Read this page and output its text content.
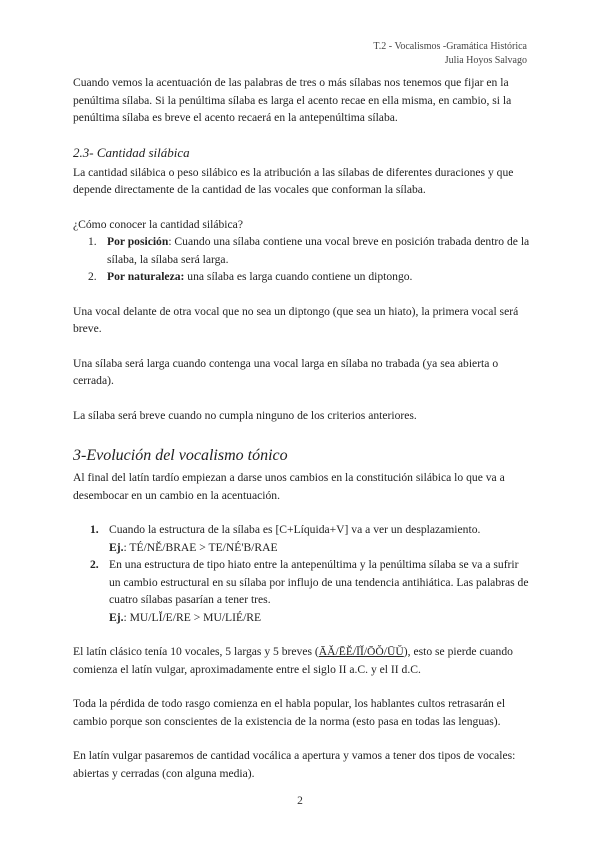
T.2 - Vocalismos -Gramática Histórica
Julia Hoyos Salvago

Cuando vemos la acentuación de las palabras de tres o más sílabas nos tenemos que fijar en la penúltima sílaba. Si la penúltima sílaba es larga el acento recae en ella misma, en cambio, si la penúltima sílaba es breve el acento recaerá en la antepenúltima sílaba.

2.3- Cantidad silábica

La cantidad silábica o peso silábico es la atribución a las sílabas de diferentes duraciones y que depende directamente de la cantidad de las vocales que conforman la sílaba.

¿Cómo conocer la cantidad silábica?

1. Por posición: Cuando una sílaba contiene una vocal breve en posición trabada dentro de la sílaba, la sílaba será larga.
2. Por naturaleza: una sílaba es larga cuando contiene un diptongo.

Una vocal delante de otra vocal que no sea un diptongo (que sea un hiato), la primera vocal será breve.

Una sílaba será larga cuando contenga una vocal larga en sílaba no trabada (ya sea abierta o cerrada).

La sílaba será breve cuando no cumpla ninguno de los criterios anteriores.

3-Evolución del vocalismo tónico

Al final del latín tardío empiezan a darse unos cambios en la constitución silábica lo que va a desembocar en un cambio en la acentuación.

1. Cuando la estructura de la sílaba es [C+Líquida+V] va a ver un desplazamiento.
Ej.: TÉ/NĔ/BRAE > TE/NÉ'B/RAE
2. En una estructura de tipo hiato entre la antepenúltima y la penúltima sílaba se va a sufrir un cambio estructural en su sílaba por influjo de una tendencia antihiática. Las palabras de cuatro sílabas pasarían a tener tres.
Ej.: MU/LĬ/E/RE > MU/LIÉ/RE

El latín clásico tenía 10 vocales, 5 largas y 5 breves (ĀĂ/ĒĔ/ĪĬ/ŌŎ/ŪŬ), esto se pierde cuando comienza el latín vulgar, aproximadamente entre el siglo II a.C. y el II d.C.

Toda la pérdida de todo rasgo comienza en el habla popular, los hablantes cultos retrasarán el cambio porque son conscientes de la existencia de la norma (esto pasa en todas las lenguas).

En latín vulgar pasaremos de cantidad vocálica a apertura y vamos a tener dos tipos de vocales: abiertas y cerradas (con alguna media).

2
